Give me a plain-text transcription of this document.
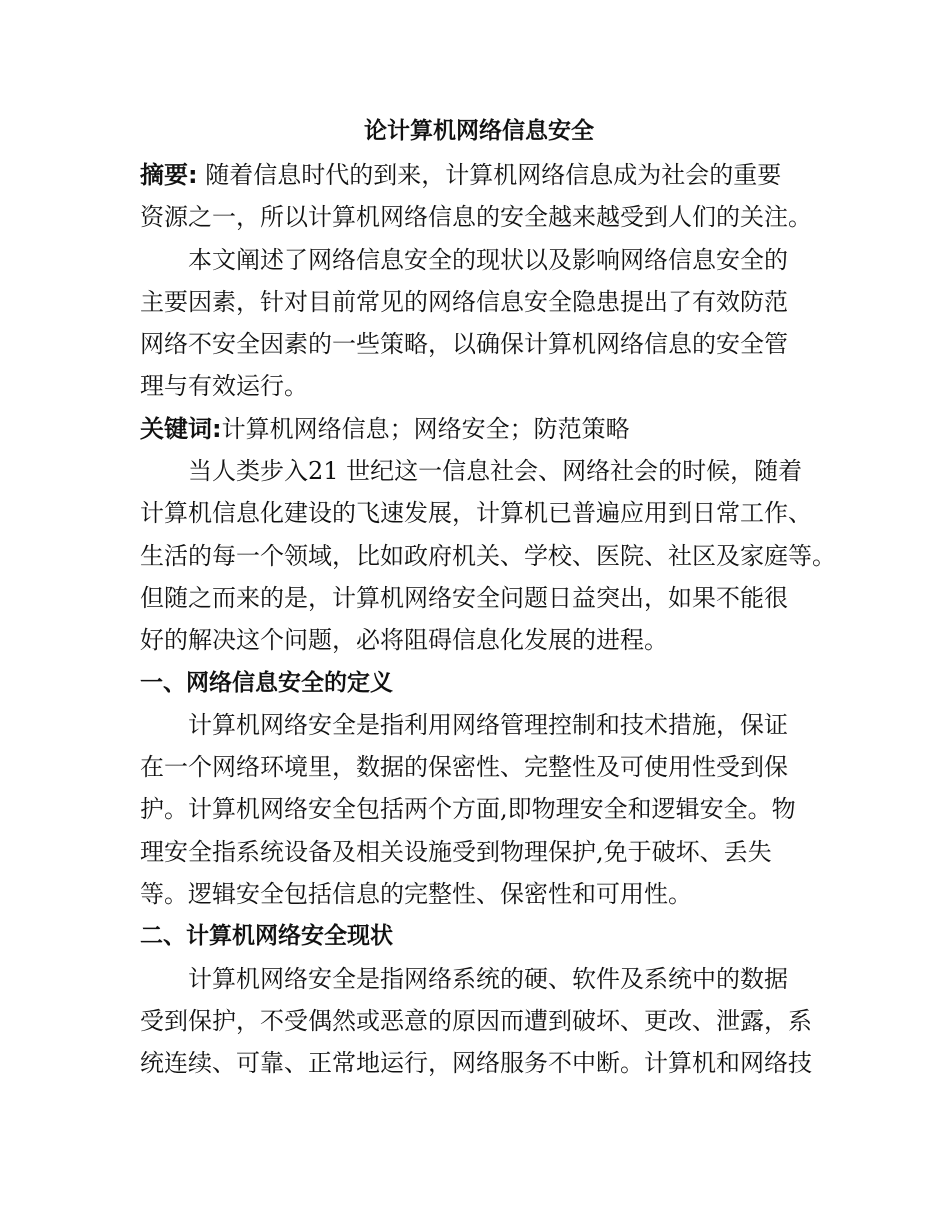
论计算机网络信息安全
摘要: 随着信息时代的到来，计算机网络信息成为社会的重要
资源之一，所以计算机网络信息的安全越来越受到人们的关注。
本文阐述了网络信息安全的现状以及影响网络信息安全的
主要因素，针对目前常见的网络信息安全隐患提出了有效防范
网络不安全因素的一些策略，以确保计算机网络信息的安全管
理与有效运行。
关键词:计算机网络信息；网络安全；防范策略
当人类步入21 世纪这一信息社会、网络社会的时候，随着
计算机信息化建设的飞速发展，计算机已普遍应用到日常工作、
生活的每一个领域，比如政府机关、学校、医院、社区及家庭等。
但随之而来的是，计算机网络安全问题日益突出，如果不能很
好的解决这个问题，必将阻碍信息化发展的进程。
一、网络信息安全的定义
计算机网络安全是指利用网络管理控制和技术措施，保证
在一个网络环境里，数据的保密性、完整性及可使用性受到保
护。计算机网络安全包括两个方面,即物理安全和逻辑安全。物
理安全指系统设备及相关设施受到物理保护,免于破坏、丢失
等。逻辑安全包括信息的完整性、保密性和可用性。
二、计算机网络安全现状
计算机网络安全是指网络系统的硬、软件及系统中的数据
受到保护，不受偶然或恶意的原因而遭到破坏、更改、泄露，系
统连续、可靠、正常地运行，网络服务不中断。计算机和网络技
